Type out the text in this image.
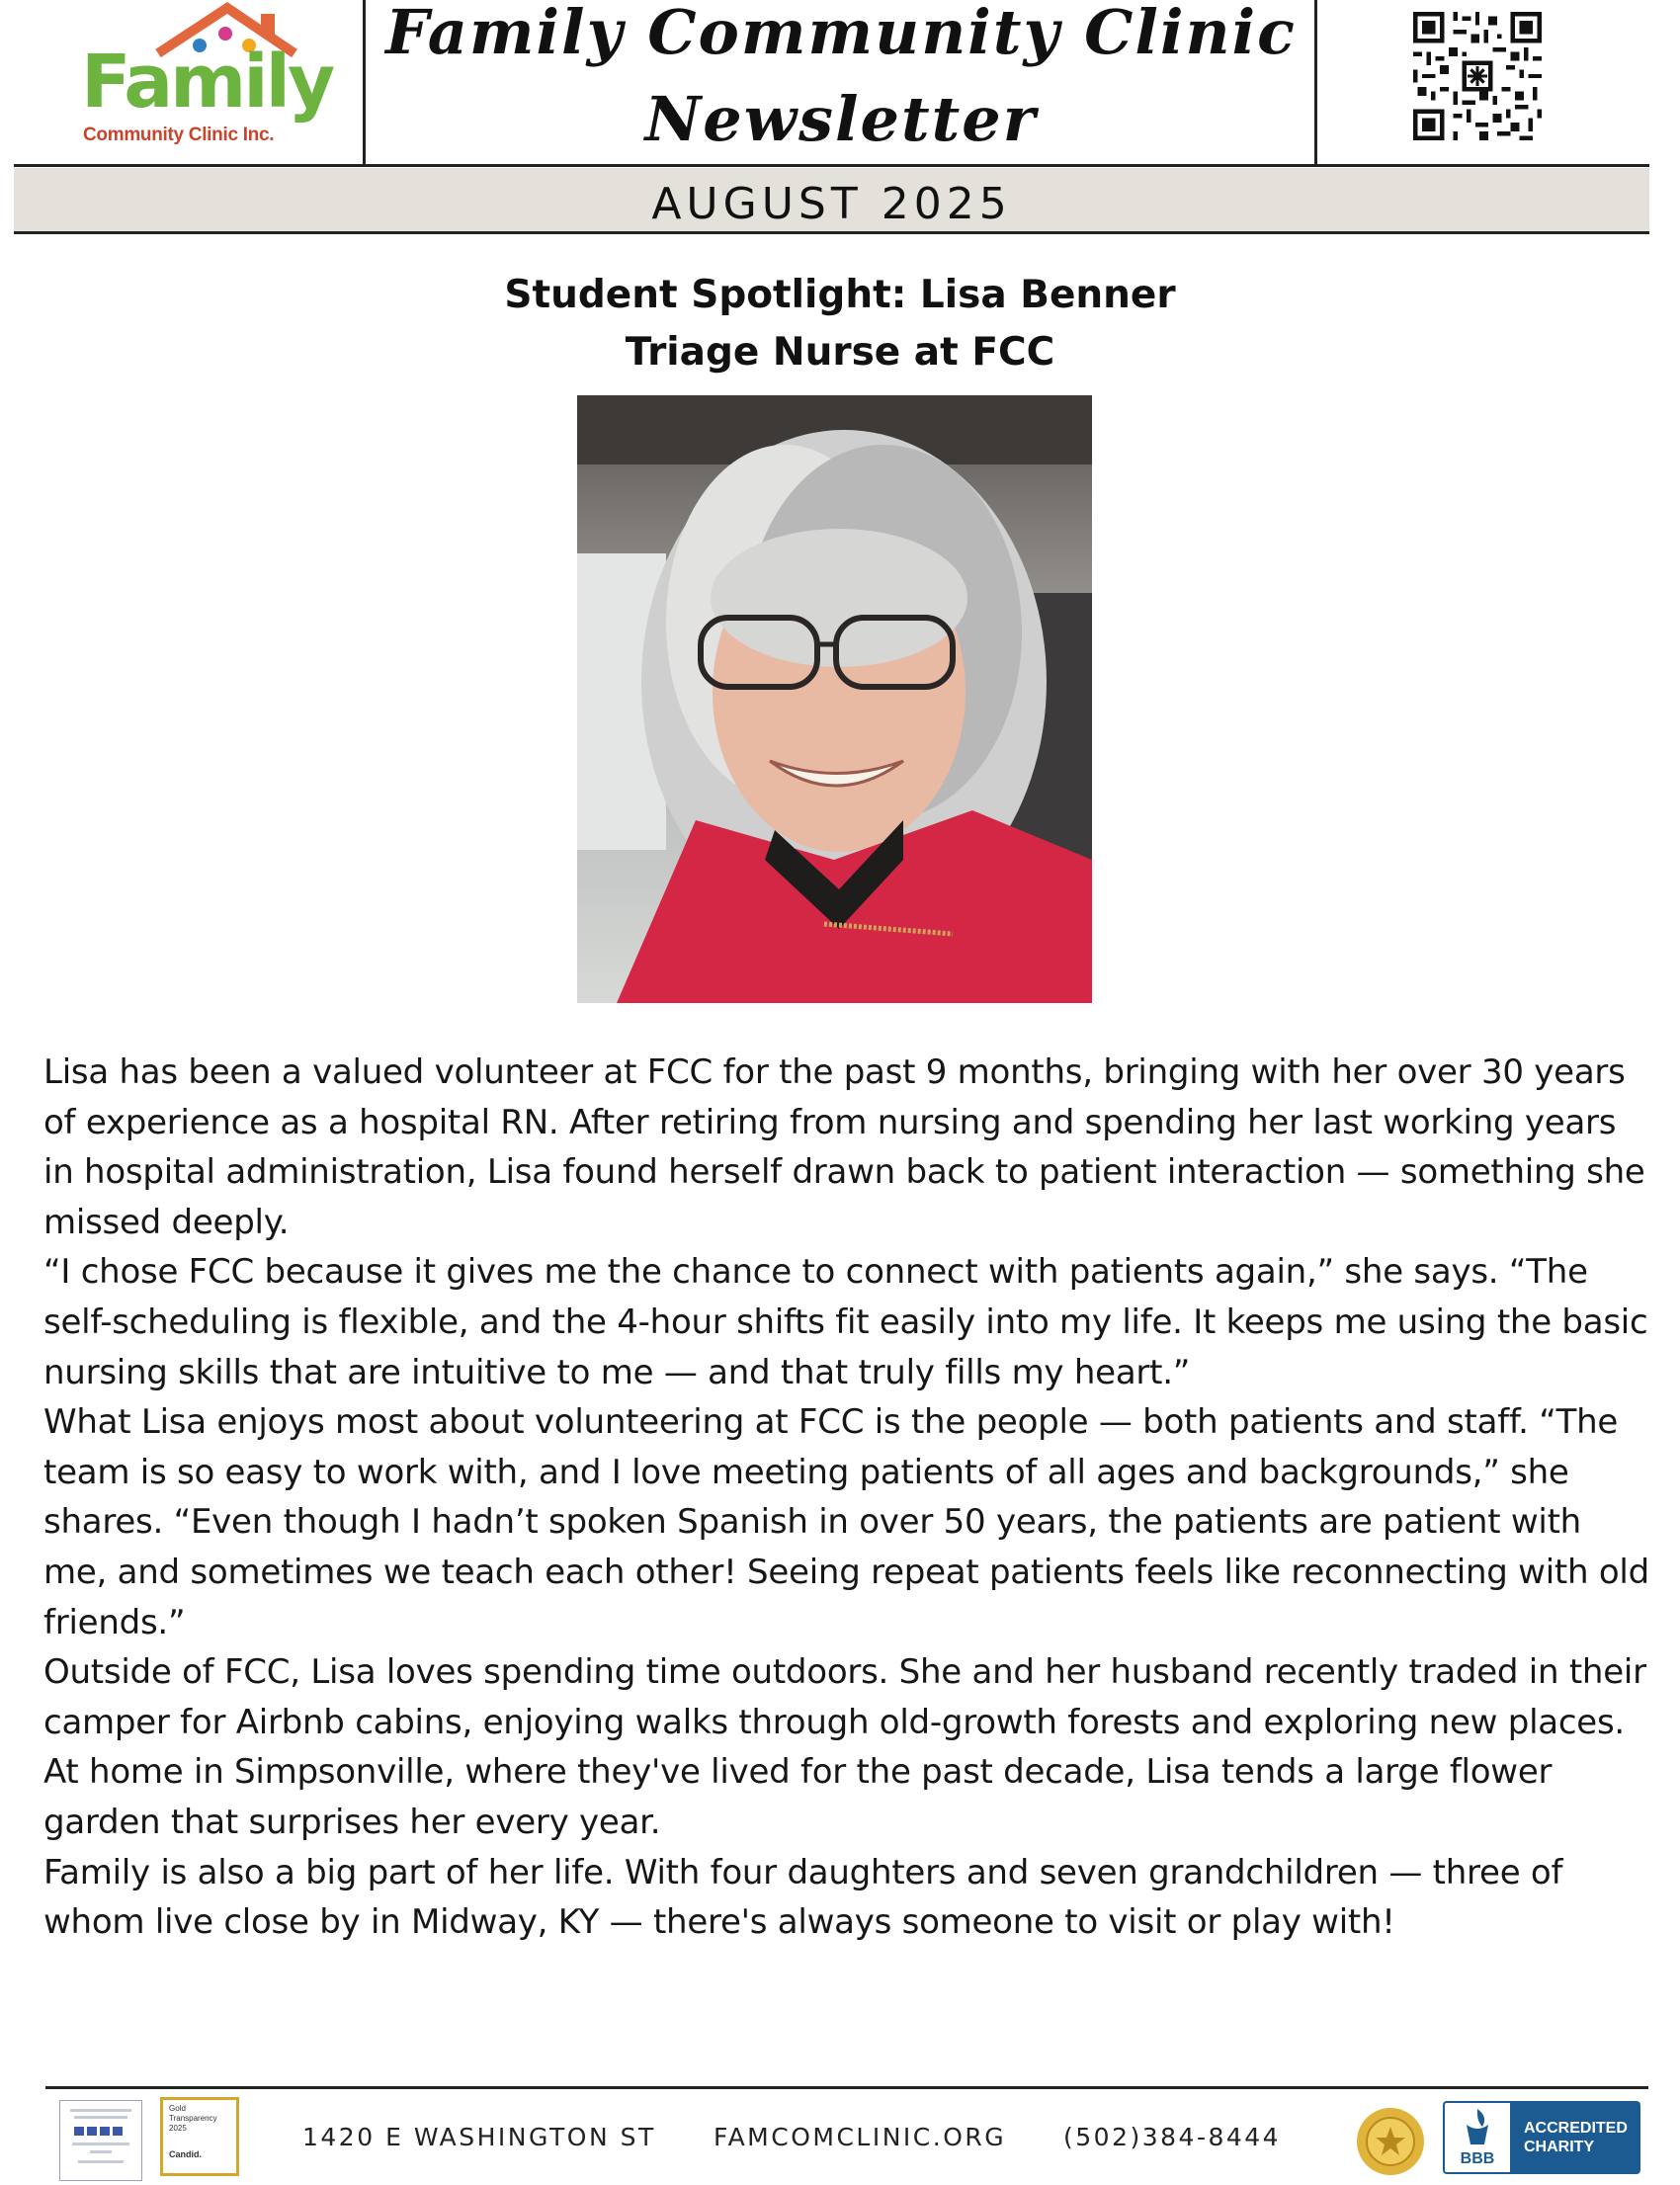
Family
Community Clinic Inc.
Family Community Clinic
Newsletter
AUGUST 2025
Student Spotlight: Lisa Benner
Triage Nurse at FCC

Lisa has been a valued volunteer at FCC for the past 9 months, bringing with her over 30 years of experience as a hospital RN. After retiring from nursing and spending her last working years in hospital administration, Lisa found herself drawn back to patient interaction — something she missed deeply.

“I chose FCC because it gives me the chance to connect with patients again,” she says. “The self-scheduling is flexible, and the 4-hour shifts fit easily into my life. It keeps me using the basic nursing skills that are intuitive to me — and that truly fills my heart.”

What Lisa enjoys most about volunteering at FCC is the people — both patients and staff. “The team is so easy to work with, and I love meeting patients of all ages and backgrounds,” she shares. “Even though I hadn’t spoken Spanish in over 50 years, the patients are patient with me, and sometimes we teach each other! Seeing repeat patients feels like reconnecting with old friends.”

Outside of FCC, Lisa loves spending time outdoors. She and her husband recently traded in their camper for Airbnb cabins, enjoying walks through old-growth forests and exploring new places. At home in Simpsonville, where they've lived for the past decade, Lisa tends a large flower garden that surprises her every year.

Family is also a big part of her life. With four daughters and seven grandchildren — three of whom live close by in Midway, KY — there's always someone to visit or play with!

Gold
Transparency
2025
Candid.
1420 E WASHINGTON ST FAMCOMCLINIC.ORG (502)384-8444
BBB
ACCREDITED
CHARITY
